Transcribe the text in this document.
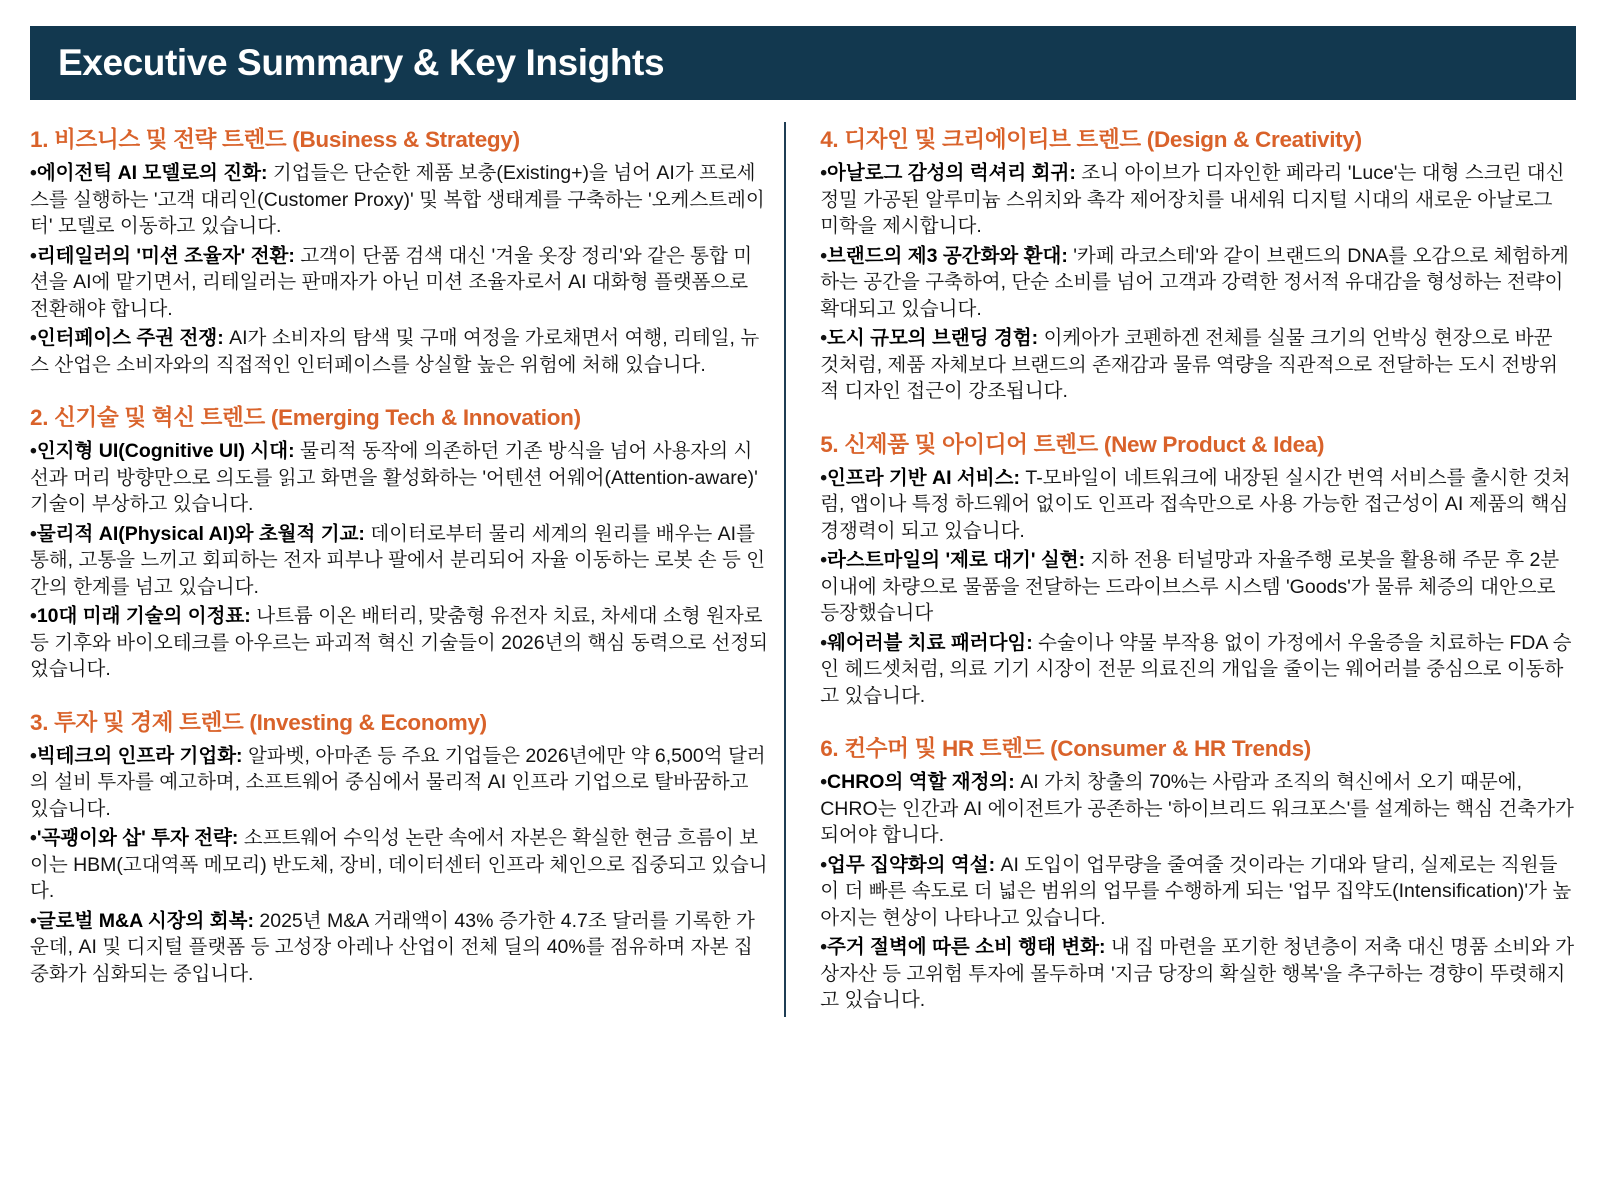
Executive Summary & Key Insights
1. 비즈니스 및 전략 트렌드 (Business & Strategy)
•에이전틱 AI 모델로의 진화: 기업들은 단순한 제품 보충(Existing+)을 넘어 AI가 프로세스를 실행하는 '고객 대리인(Customer Proxy)' 및 복합 생태계를 구축하는 '오케스트레이터' 모델로 이동하고 있습니다.
•리테일러의 '미션 조율자' 전환: 고객이 단품 검색 대신 '겨울 옷장 정리'와 같은 통합 미션을 AI에 맡기면서, 리테일러는 판매자가 아닌 미션 조율자로서 AI 대화형 플랫폼으로 전환해야 합니다.
•인터페이스 주권 전쟁: AI가 소비자의 탐색 및 구매 여정을 가로채면서 여행, 리테일, 뉴스 산업은 소비자와의 직접적인 인터페이스를 상실할 높은 위험에 처해 있습니다.
2. 신기술 및 혁신 트렌드 (Emerging Tech & Innovation)
•인지형 UI(Cognitive UI) 시대: 물리적 동작에 의존하던 기존 방식을 넘어 사용자의 시선과 머리 방향만으로 의도를 읽고 화면을 활성화하는 '어텐션 어웨어(Attention-aware)' 기술이 부상하고 있습니다.
•물리적 AI(Physical AI)와 초월적 기교: 데이터로부터 물리 세계의 원리를 배우는 AI를 통해, 고통을 느끼고 회피하는 전자 피부나 팔에서 분리되어 자율 이동하는 로봇 손 등 인간의 한계를 넘고 있습니다.
•10대 미래 기술의 이정표: 나트륨 이온 배터리, 맞춤형 유전자 치료, 차세대 소형 원자로 등 기후와 바이오테크를 아우르는 파괴적 혁신 기술들이 2026년의 핵심 동력으로 선정되었습니다.
3. 투자 및 경제 트렌드 (Investing & Economy)
•빅테크의 인프라 기업화: 알파벳, 아마존 등 주요 기업들은 2026년에만 약 6,500억 달러의 설비 투자를 예고하며, 소프트웨어 중심에서 물리적 AI 인프라 기업으로 탈바꿈하고 있습니다.
•'곡괭이와 삽' 투자 전략: 소프트웨어 수익성 논란 속에서 자본은 확실한 현금 흐름이 보이는 HBM(고대역폭 메모리) 반도체, 장비, 데이터센터 인프라 체인으로 집중되고 있습니다.
•글로벌 M&A 시장의 회복: 2025년 M&A 거래액이 43% 증가한 4.7조 달러를 기록한 가운데, AI 및 디지털 플랫폼 등 고성장 아레나 산업이 전체 딜의 40%를 점유하며 자본 집중화가 심화되는 중입니다.
4. 디자인 및 크리에이티브 트렌드 (Design & Creativity)
•아날로그 감성의 럭셔리 회귀: 조니 아이브가 디자인한 페라리 'Luce'는 대형 스크린 대신 정밀 가공된 알루미늄 스위치와 촉각 제어장치를 내세워 디지털 시대의 새로운 아날로그 미학을 제시합니다.
•브랜드의 제3 공간화와 환대: '카페 라코스테'와 같이 브랜드의 DNA를 오감으로 체험하게 하는 공간을 구축하여, 단순 소비를 넘어 고객과 강력한 정서적 유대감을 형성하는 전략이 확대되고 있습니다.
•도시 규모의 브랜딩 경험: 이케아가 코펜하겐 전체를 실물 크기의 언박싱 현장으로 바꾼 것처럼, 제품 자체보다 브랜드의 존재감과 물류 역량을 직관적으로 전달하는 도시 전방위적 디자인 접근이 강조됩니다.
5. 신제품 및 아이디어 트렌드 (New Product & Idea)
•인프라 기반 AI 서비스: T-모바일이 네트워크에 내장된 실시간 번역 서비스를 출시한 것처럼, 앱이나 특정 하드웨어 없이도 인프라 접속만으로 사용 가능한 접근성이 AI 제품의 핵심 경쟁력이 되고 있습니다.
•라스트마일의 '제로 대기' 실현: 지하 전용 터널망과 자율주행 로봇을 활용해 주문 후 2분 이내에 차량으로 물품을 전달하는 드라이브스루 시스템 'Goods'가 물류 체증의 대안으로 등장했습니다
•웨어러블 치료 패러다임: 수술이나 약물 부작용 없이 가정에서 우울증을 치료하는 FDA 승인 헤드셋처럼, 의료 기기 시장이 전문 의료진의 개입을 줄이는 웨어러블 중심으로 이동하고 있습니다.
6. 컨수머 및 HR 트렌드 (Consumer & HR Trends)
•CHRO의 역할 재정의: AI 가치 창출의 70%는 사람과 조직의 혁신에서 오기 때문에, CHRO는 인간과 AI 에이전트가 공존하는 '하이브리드 워크포스'를 설계하는 핵심 건축가가 되어야 합니다.
•업무 집약화의 역설: AI 도입이 업무량을 줄여줄 것이라는 기대와 달리, 실제로는 직원들이 더 빠른 속도로 더 넓은 범위의 업무를 수행하게 되는 '업무 집약도(Intensification)'가 높아지는 현상이 나타나고 있습니다.
•주거 절벽에 따른 소비 행태 변화: 내 집 마련을 포기한 청년층이 저축 대신 명품 소비와 가상자산 등 고위험 투자에 몰두하며 '지금 당장의 확실한 행복'을 추구하는 경향이 뚜렷해지고 있습니다.
